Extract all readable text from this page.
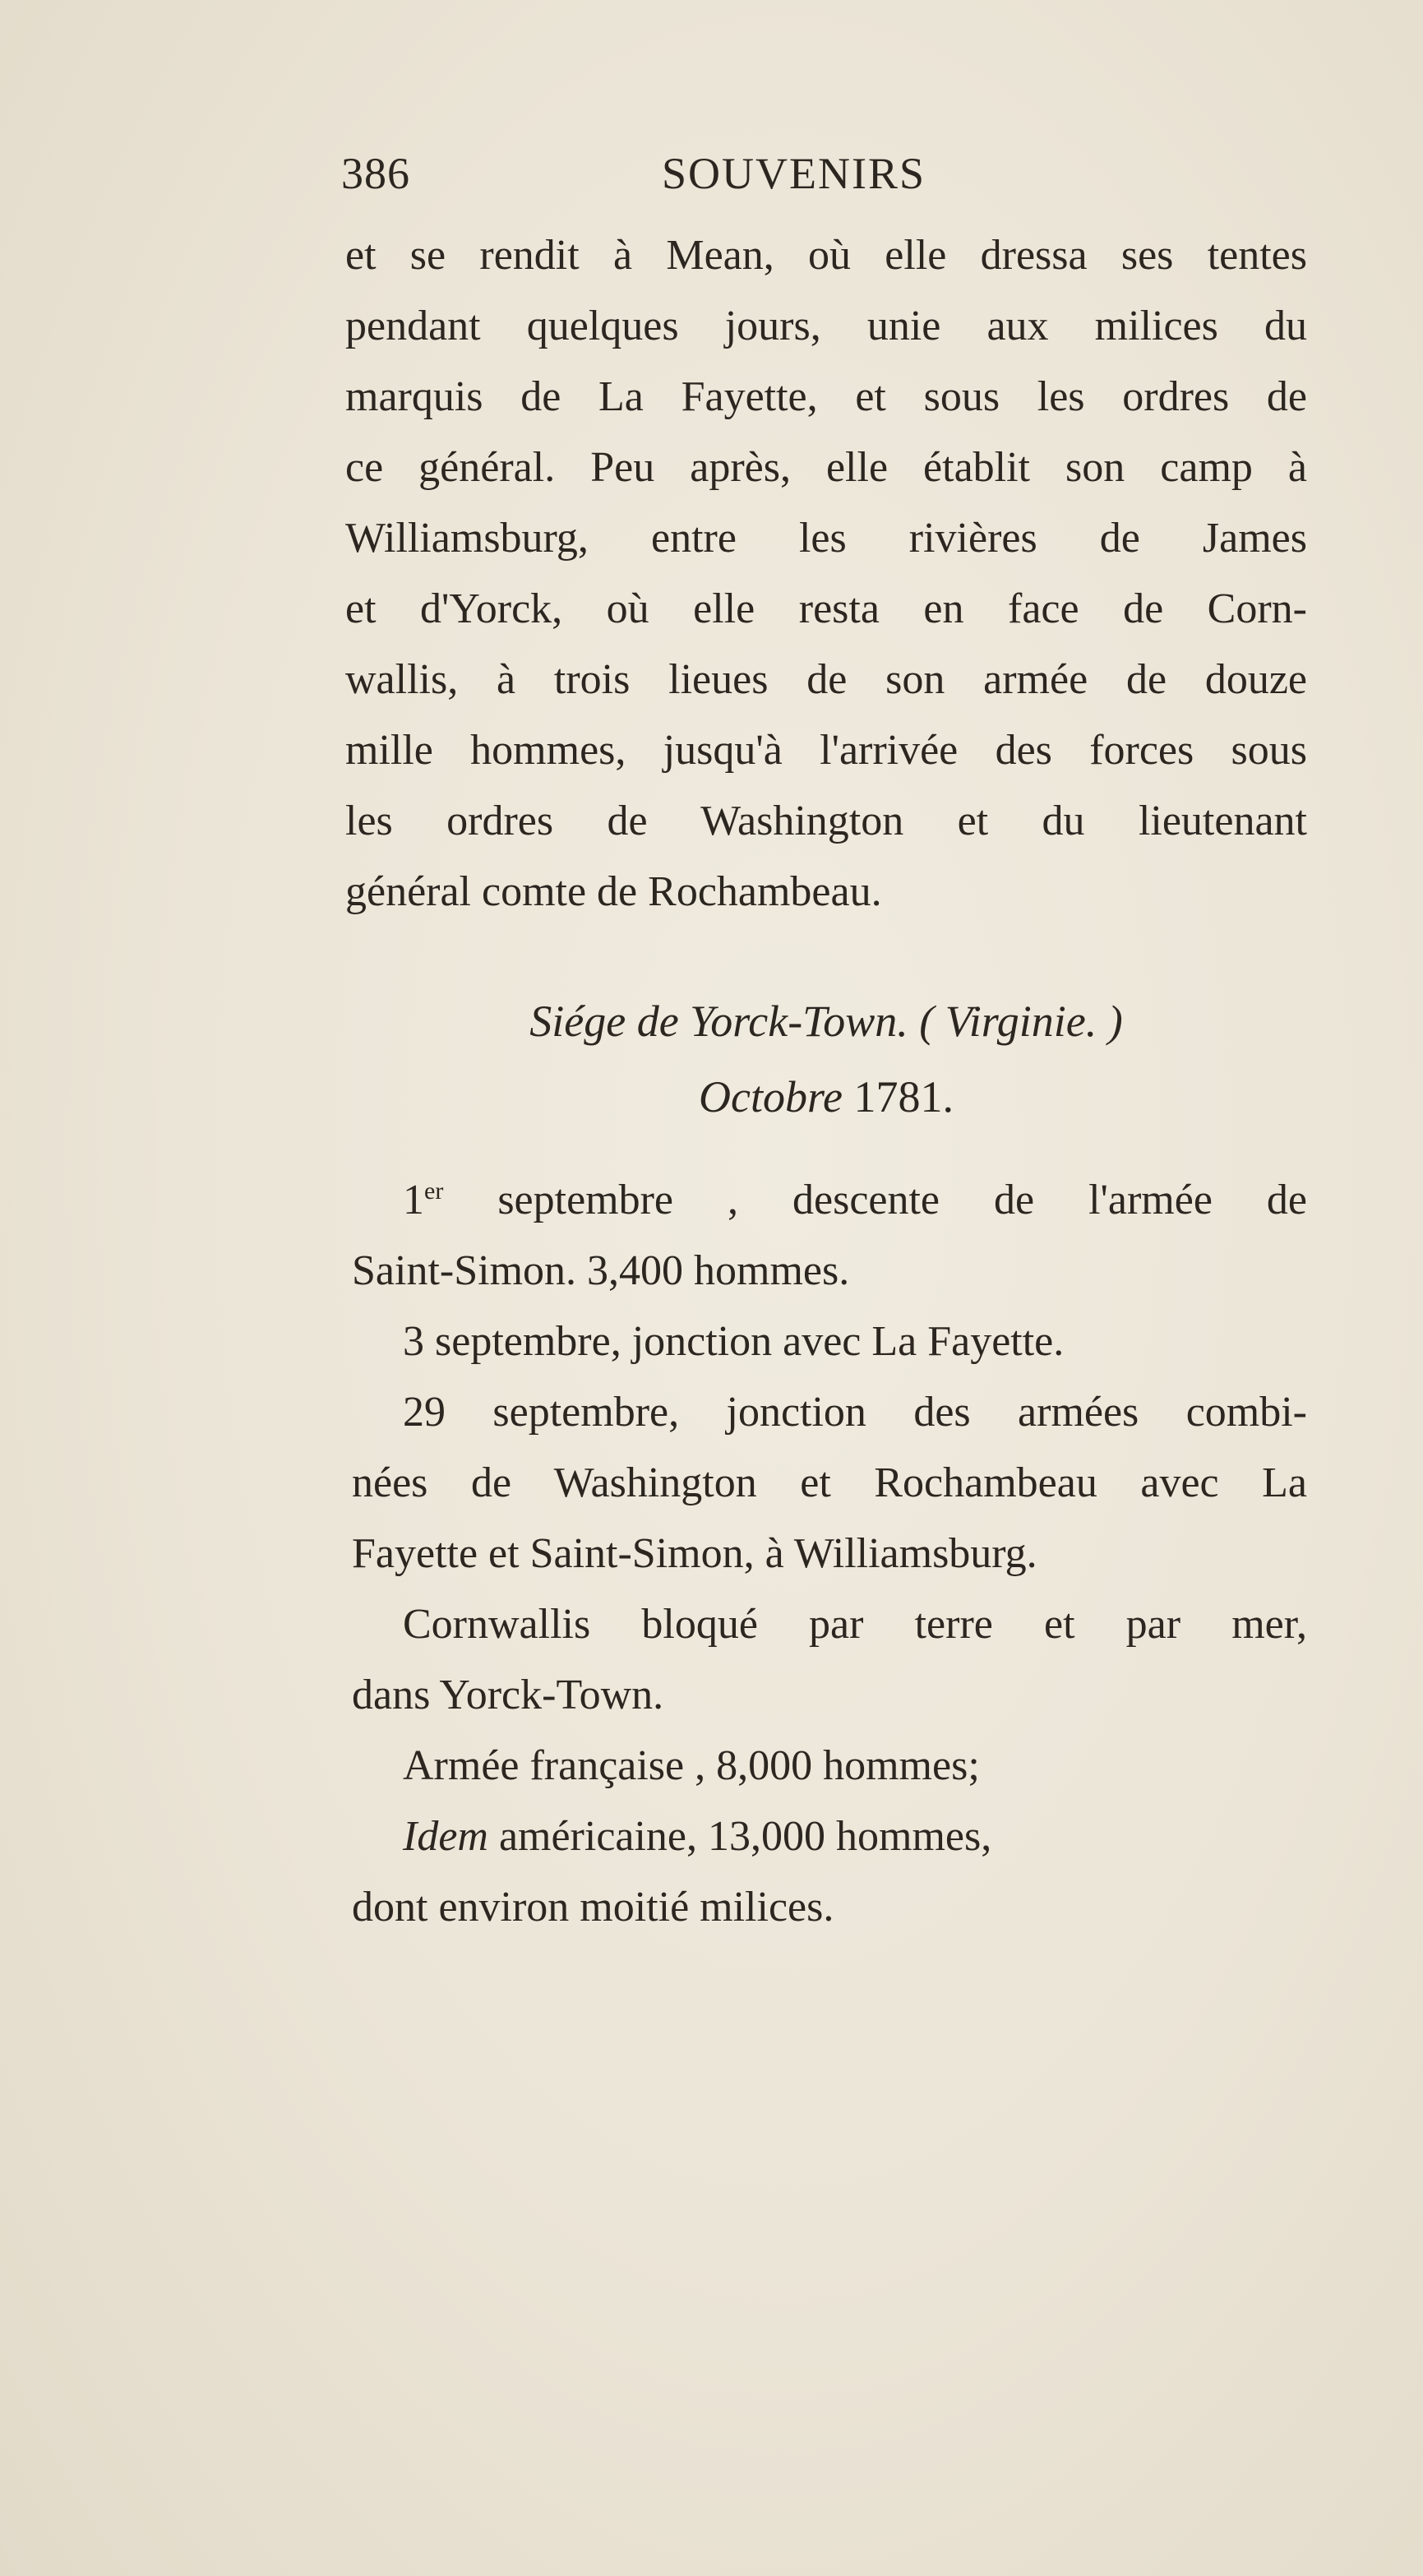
386	SOUVENIRS
et se rendit à Mean, où elle dressa ses tentes
pendant quelques jours, unie aux milices du
marquis de La Fayette, et sous les ordres de
ce général. Peu après, elle établit son camp à
Williamsburg, entre les rivières de James
et d'Yorck, où elle resta en face de Corn-
wallis, à trois lieues de son armée de douze
mille hommes, jusqu'à l'arrivée des forces sous
les ordres de Washington et du lieutenant
général comte de Rochambeau.
Siége de Yorck-Town. ( Virginie. )
Octobre 1781.
1er septembre , descente de l'armée de
Saint-Simon. 3,400 hommes.
3 septembre, jonction avec La Fayette.
29 septembre, jonction des armées combi-
nées de Washington et Rochambeau avec La
Fayette et Saint-Simon, à Williamsburg.
Cornwallis bloqué par terre et par mer,
dans Yorck-Town.
Armée française , 8,000 hommes;
Idem américaine, 13,000 hommes,
dont environ moitié milices.
